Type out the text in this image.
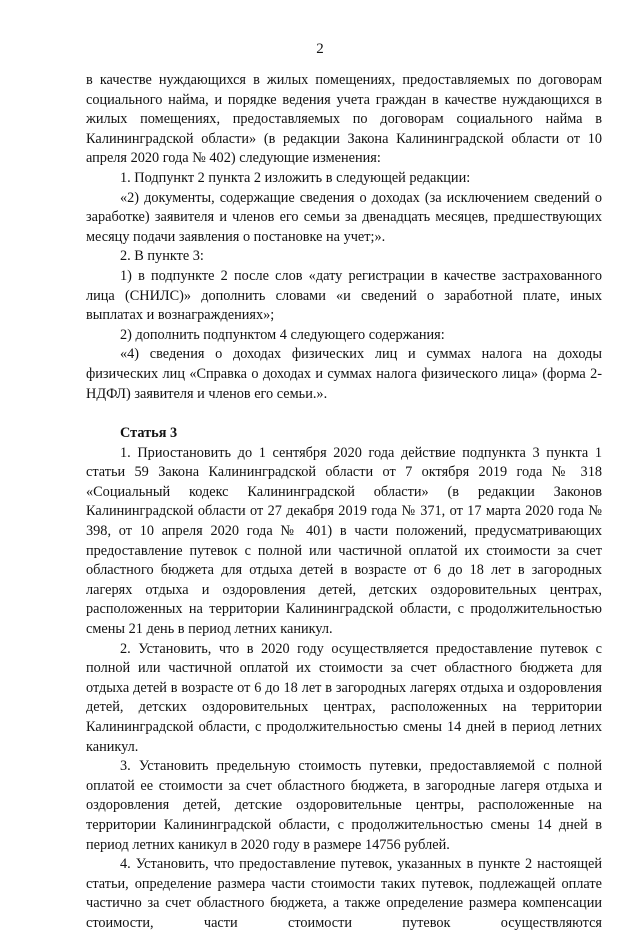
2

в качестве нуждающихся в жилых помещениях, предоставляемых по договорам социального найма, и порядке ведения учета граждан в качестве нуждающихся в жилых помещениях, предоставляемых по договорам социального найма в Калининградской области» (в редакции Закона Калининградской области от 10 апреля 2020 года № 402) следующие изменения:

1. Подпункт 2 пункта 2 изложить в следующей редакции:

«2) документы, содержащие сведения о доходах (за исключением сведений о заработке) заявителя и членов его семьи за двенадцать месяцев, предшествующих месяцу подачи заявления о постановке на учет;».

2. В пункте 3:

1) в подпункте 2 после слов «дату регистрации в качестве застрахованного лица (СНИЛС)» дополнить словами «и сведений о заработной плате, иных выплатах и вознаграждениях»;

2) дополнить подпунктом 4 следующего содержания:

«4) сведения о доходах физических лиц и суммах налога на доходы физических лиц «Справка о доходах и суммах налога физического лица» (форма 2-НДФЛ) заявителя и членов его семьи.».

Статья 3

1. Приостановить до 1 сентября 2020 года действие подпункта 3 пункта 1 статьи 59 Закона Калининградской области от 7 октября 2019 года № 318 «Социальный кодекс Калининградской области» (в редакции Законов Калининградской области от 27 декабря 2019 года № 371, от 17 марта 2020 года № 398, от 10 апреля 2020 года № 401) в части положений, предусматривающих предоставление путевок с полной или частичной оплатой их стоимости за счет областного бюджета для отдыха детей в возрасте от 6 до 18 лет в загородных лагерях отдыха и оздоровления детей, детских оздоровительных центрах, расположенных на территории Калининградской области, с продолжительностью смены 21 день в период летних каникул.

2. Установить, что в 2020 году осуществляется предоставление путевок с полной или частичной оплатой их стоимости за счет областного бюджета для отдыха детей в возрасте от 6 до 18 лет в загородных лагерях отдыха и оздоровления детей, детских оздоровительных центрах, расположенных на территории Калининградской области, с продолжительностью смены 14 дней в период летних каникул.

3. Установить предельную стоимость путевки, предоставляемой с полной оплатой ее стоимости за счет областного бюджета, в загородные лагеря отдыха и оздоровления детей, детские оздоровительные центры, расположенные на территории Калининградской области, с продолжительностью смены 14 дней в период летних каникул в 2020 году в размере 14756 рублей.

4. Установить, что предоставление путевок, указанных в пункте 2 настоящей статьи, определение размера части стоимости таких путевок, подлежащей оплате частично за счет областного бюджета, а также определение размера компенсации стоимости, части стоимости путевок осуществляются
